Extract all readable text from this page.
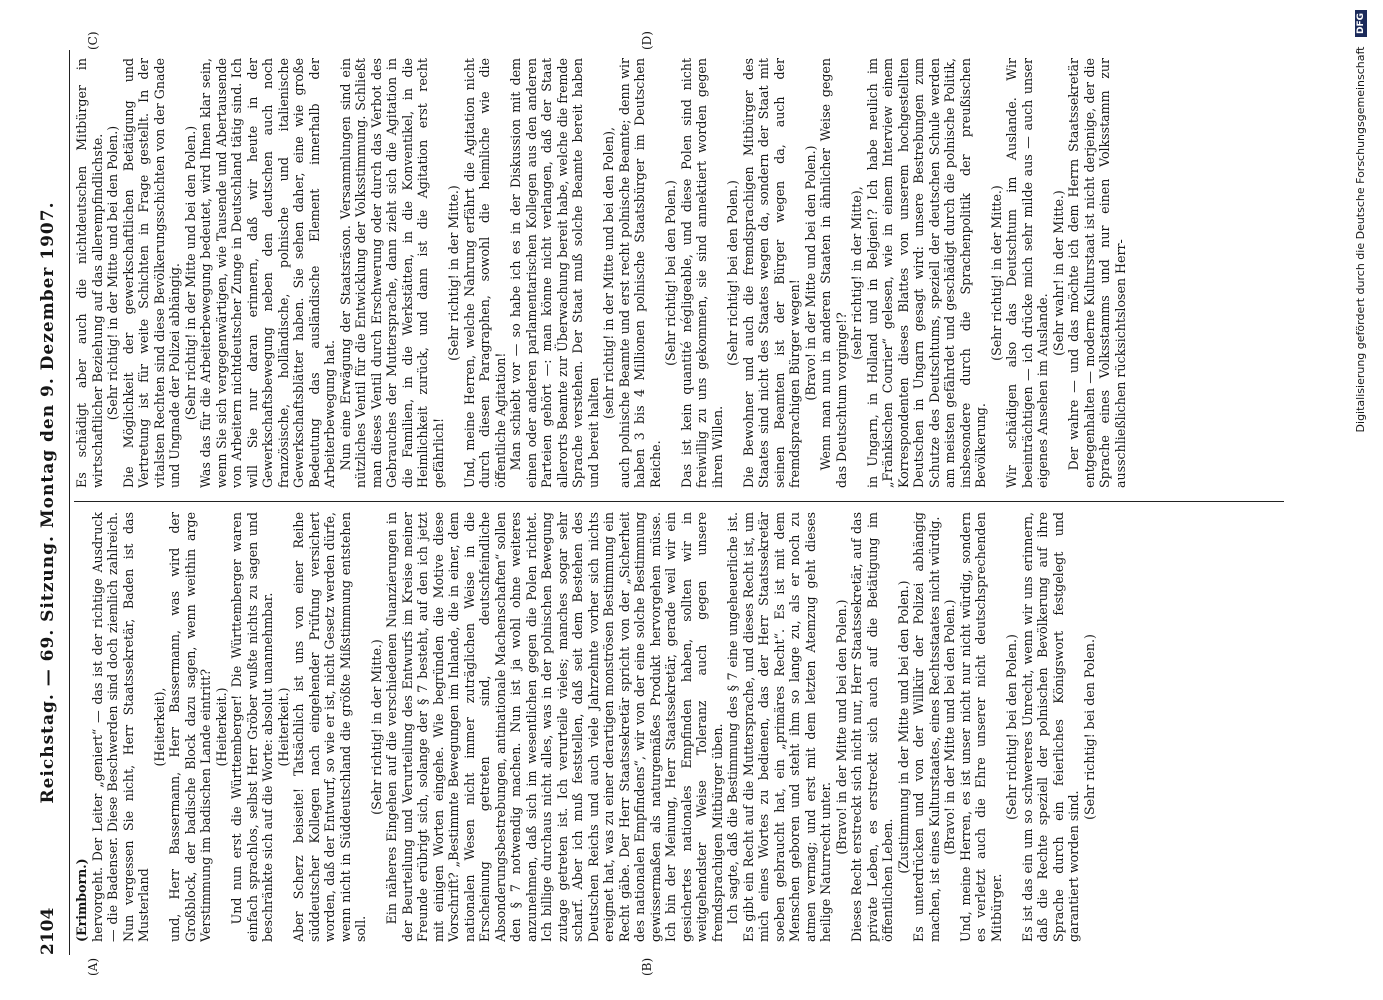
2104
Reichstag. — 69. Sitzung. Montag den 9. Dezember 1907.
(A)	(B)
(C)	(D)

(Erimborn.) hervorgeht. Der Leiter „geniert“ — das ist der richtige Ausdruck — die Badenser. Diese Beschwerden sind doch ziemlich zahlreich. Nun vergessen Sie nicht, Herr Staatssekretär, Baden ist das Musterland

(Heiterkeit), und, Herr Bassermann, Herr Bassermann, was wird der Großblock, der badische Block dazu sagen, wenn weithin arge Verstimmung im badischen Lande eintritt? (Heiterkeit.) Und nun erst die Württemberger! Die Württemberger waren einfach sprachlos, selbst Herr Gröber wußte nichts zu sagen und beschränkte sich auf die Worte: absolut unannehmbar. (Heiterkeit.) Aber Scherz beiseite! Tatsächlich ist uns von einer Reihe süddeutscher Kollegen nach eingehender Prüfung versichert worden, daß der Entwurf, so wie er ist, nicht Gesetz werden dürfe, wenn nicht in Süddeutschland die größte Mißstimmung entstehen soll.

(Sehr richtig! in der Mitte.) Ein näheres Eingehen auf die verschiedenen Nuanzierungen in der Beurteilung und Verurteilung des Entwurfs im Kreise meiner Freunde erübrigt sich, solange der § 7 besteht, auf den ich jetzt mit einigen Worten eingehe. Wie begründen die Motive diese Vorschrift? „Bestimmte Bewegungen im Inlande, die in einer, dem nationalen Wesen nicht immer zuträglichen Weise in die Erscheinung getreten sind, deutschfeindliche Absonderungsbestrebungen, antinationale Machenschaften“ sollen den § 7 notwendig machen. Nun ist ja wohl ohne weiteres anzunehmen, daß sich im wesentlichen gegen die Polen richtet. Ich billige durchaus nicht alles, was in der polnischen Bewegung zutage getreten ist. Ich verurteile vieles; manches sogar sehr scharf. Aber ich muß feststellen, daß seit dem Bestehen des Deutschen Reichs und auch viele Jahrzehnte vorher sich nichts ereignet hat, was zu einer derartigen monströsen Bestimmung ein Recht gäbe. Der Herr Staatssekretär spricht von der „Sicherheit des nationalen Empfindens“, wir von der eine solche Bestimmung gewissermaßen als naturgemäßes Produkt hervorgehen müsse. Ich bin der Meinung, Herr Staatssekretär, gerade weil wir ein gesichertes nationales Empfinden haben, sollten wir in weitgehendster Weise Toleranz auch gegen unsere fremdsprachigen Mitbürger üben. Ich sagte, daß die Bestimmung des § 7 eine ungeheuerliche ist. Es gibt ein Recht auf die Muttersprache, und dieses Recht ist, um mich eines Wortes zu bedienen, das der Herr Staatssekretär soeben gebraucht hat, ein „primäres Recht“. Es ist mit dem Menschen geboren und steht ihm so lange zu, als er noch zu atmen vermag; und erst mit dem letzten Atemzug geht dieses heilige Naturrecht unter.

(Bravo! in der Mitte und bei den Polen.) Dieses Recht erstreckt sich nicht nur, Herr Staatssekretär, auf das private Leben, es erstreckt sich auch auf die Betätigung im öffentlichen Leben.

(Zustimmung in der Mitte und bei den Polen.) Es unterdrücken und von der Willkür der Polizei abhängig machen, ist eines Kulturstaates, eines Rechtsstaates nicht würdig. (Bravo! in der Mitte und bei den Polen.) Und, meine Herren, es ist unser nicht nur nicht würdig, sondern es verletzt auch die Ehre unserer nicht deutschsprechenden Mitbürger.

(Sehr richtig! bei den Polen.) Es ist das ein um so schwereres Unrecht, wenn wir uns erinnern, daß die Rechte speziell der polnischen Bevölkerung auf ihre Sprache durch ein feierliches Königswort festgelegt und garantiert worden sind.

(Sehr richtig! bei den Polen.)

Es schädigt aber auch die nichtdeutschen Mitbürger in wirtschaftlicher Beziehung auf das allerempfindlichste. (Sehr richtig! in der Mitte und bei den Polen.) Die Möglichkeit der gewerkschaftlichen Betätigung und Vertretung ist für weite Schichten in Frage gestellt. In der vitalsten Rechten sind diese Bevölkerungsschichten von der Gnade und Ungnade der Polizei abhängig. (Sehr richtig! in der Mitte und bei den Polen.) Was das für die Arbeiterbewegung bedeutet, wird Ihnen klar sein, wenn Sie sich vergegenwärtigen, wie Tausende und Abertausende von Arbeitern nichtdeutscher Zunge in Deutschland tätig sind. Ich will Sie nur daran erinnern, daß wir heute in der Gewerkschaftsbewegung neben den deutschen auch noch französische, holländische, polnische und italienische Gewerkschaftsblätter haben. Sie sehen daher, eine wie große Bedeutung das ausländische Element innerhalb der Arbeiterbewegung hat. Nun eine Erwägung der Staatsräson. Versammlungen sind ein nützliches Ventil für die Entwicklung der Volksstimmung. Schließt man dieses Ventil durch Erschwerung oder durch das Verbot des Gebrauches der Muttersprache, dann zieht sich die Agitation in die Familien, in die Werkstätten, in die Konventikel, in die Heimlichkeit zurück, und dann ist die Agitation erst recht gefährlich!

(Sehr richtig! in der Mitte.) Und, meine Herren, welche Nahrung erfährt die Agitation nicht durch diesen Paragraphen, sowohl die heimliche wie die öffentliche Agitation! Man schiebt vor — so habe ich es in der Diskussion mit dem einen oder anderen parlamentarischen Kollegen aus den anderen Parteien gehört —: man könne nicht verlangen, daß der Staat allerorts Beamte zur Überwachung bereit habe, welche die fremde Sprache verstehen. Der Staat muß solche Beamte bereit haben und bereit halten

(sehr richtig! in der Mitte und bei den Polen), auch polnische Beamte und erst recht polnische Beamte; denn wir haben 3 bis 4 Millionen polnische Staatsbürger im Deutschen Reiche.

(Sehr richtig! bei den Polen.) Das ist kein quantité négligeable, und diese Polen sind nicht freiwillig zu uns gekommen, sie sind annektiert worden gegen ihren Willen.

(Sehr richtig! bei den Polen.) Die Bewohner und auch die fremdsprachigen Mitbürger des Staates sind nicht des Staates wegen da, sondern der Staat mit seinen Beamten ist der Bürger wegen da, auch der fremdsprachigen Bürger wegen! (Bravo! in der Mitte und bei den Polen.) Wenn man nun in anderen Staaten in ähnlicher Weise gegen das Deutschtum vorginge!?

(sehr richtig! in der Mitte), in Ungarn, in Holland und in Belgien!? Ich habe neulich im „Fränkischen Courier“ gelesen, wie in einem Interview einem Korrespondenten dieses Blattes von unserem hochgestellten Deutschen in Ungarn gesagt wird: unsere Bestrebungen zum Schutze des Deutschtums, speziell der deutschen Schule werden am meisten gefährdet und geschädigt durch die polnische Politik, insbesondere durch die Sprachenpolitik der preußischen Bevölkerung.

(Sehr richtig! in der Mitte.) Wir schädigen also das Deutschtum im Auslande. Wir beeinträchtigen — ich drücke mich sehr milde aus — auch unser eigenes Ansehen im Auslande.

(Sehr wahr! in der Mitte.) Der wahre — und das möchte ich dem Herrn Staatssekretär entgegenhalten — moderne Kulturstaat ist nicht derjenige, der die Sprache eines Volksstamms und nur einen Volksstamm zur ausschließlichen rücksichtslosen Herr-	Digitalisierung gefördert durch die Deutsche Forschungsgemeinschaft DFG
